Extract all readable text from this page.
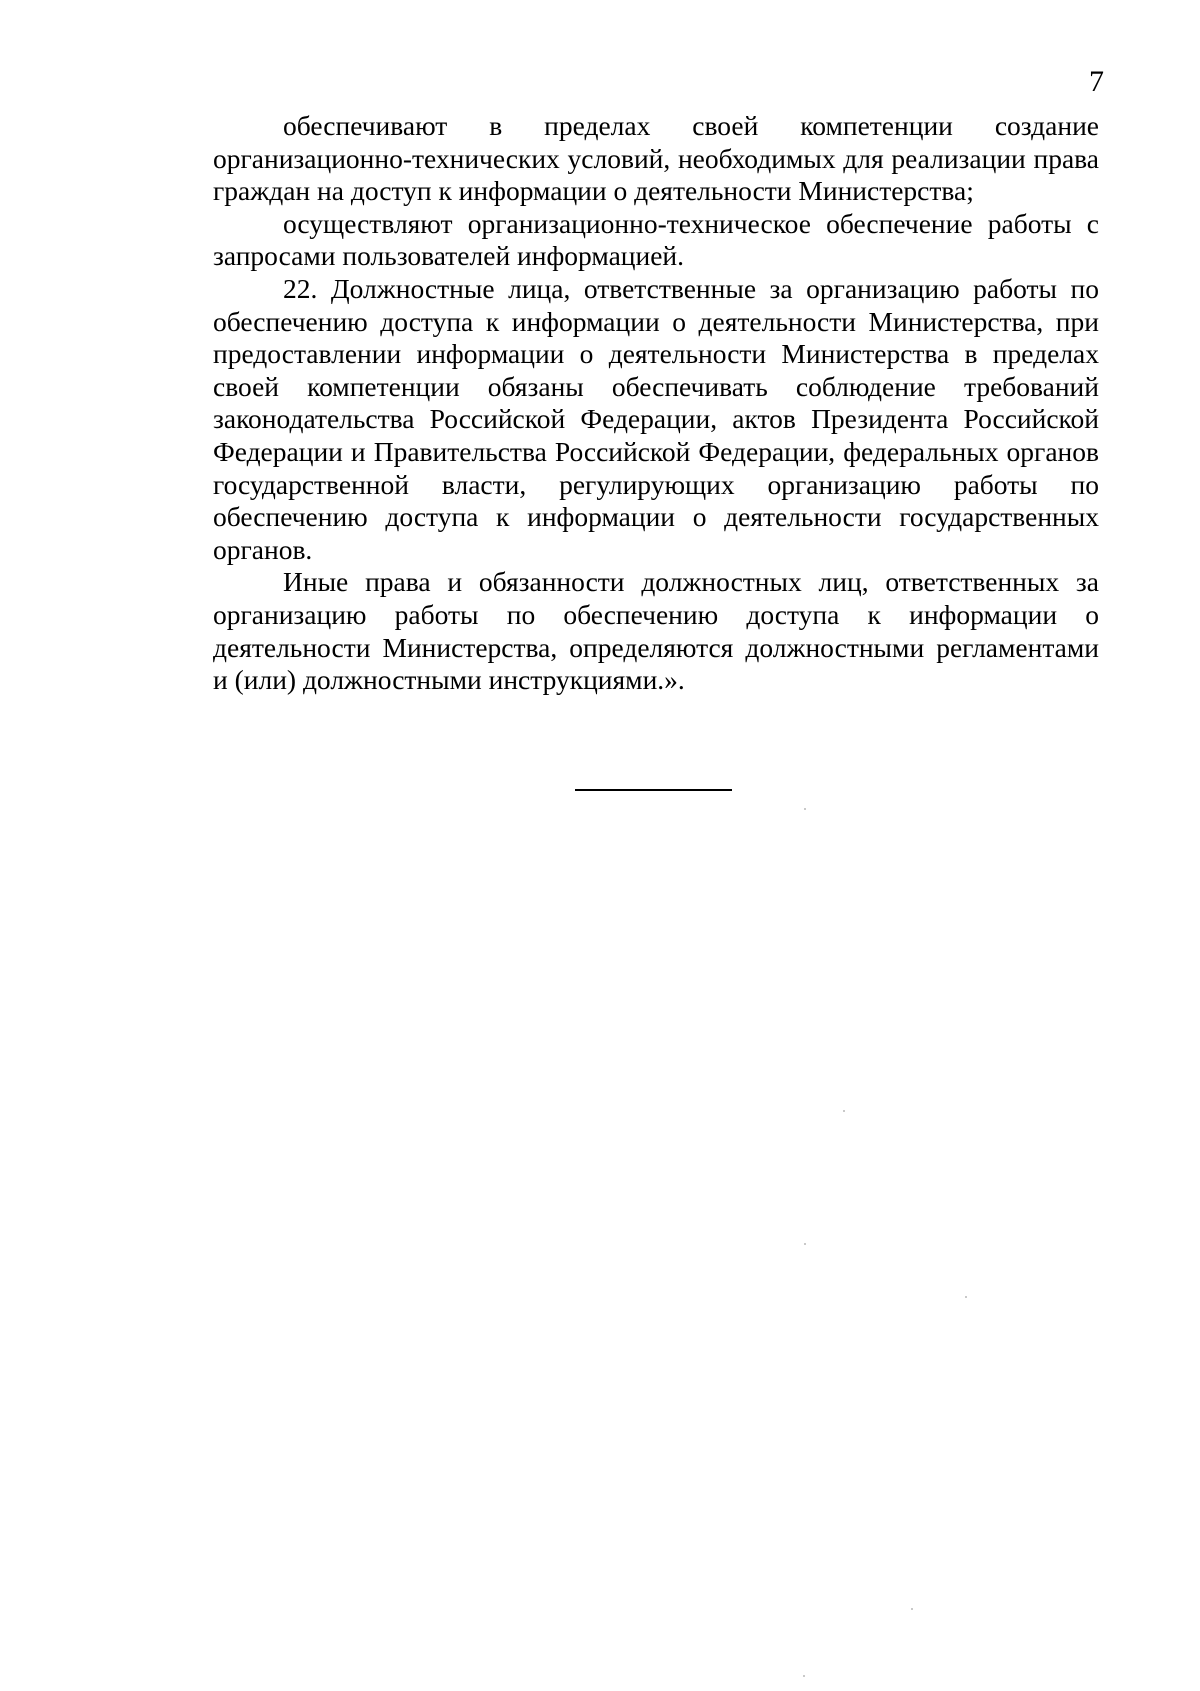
7

обеспечивают в пределах своей компетенции создание организационно-технических условий, необходимых для реализации права граждан на доступ к информации о деятельности Министерства;

осуществляют организационно-техническое обеспечение работы с запросами пользователей информацией.

22. Должностные лица, ответственные за организацию работы по обеспечению доступа к информации о деятельности Министерства, при предоставлении информации о деятельности Министерства в пределах своей компетенции обязаны обеспечивать соблюдение требований законодательства Российской Федерации, актов Президента Российской Федерации и Правительства Российской Федерации, федеральных органов государственной власти, регулирующих организацию работы по обеспечению доступа к информации о деятельности государственных органов.

Иные права и обязанности должностных лиц, ответственных за организацию работы по обеспечению доступа к информации о деятельности Министерства, определяются должностными регламентами и (или) должностными инструкциями.».
